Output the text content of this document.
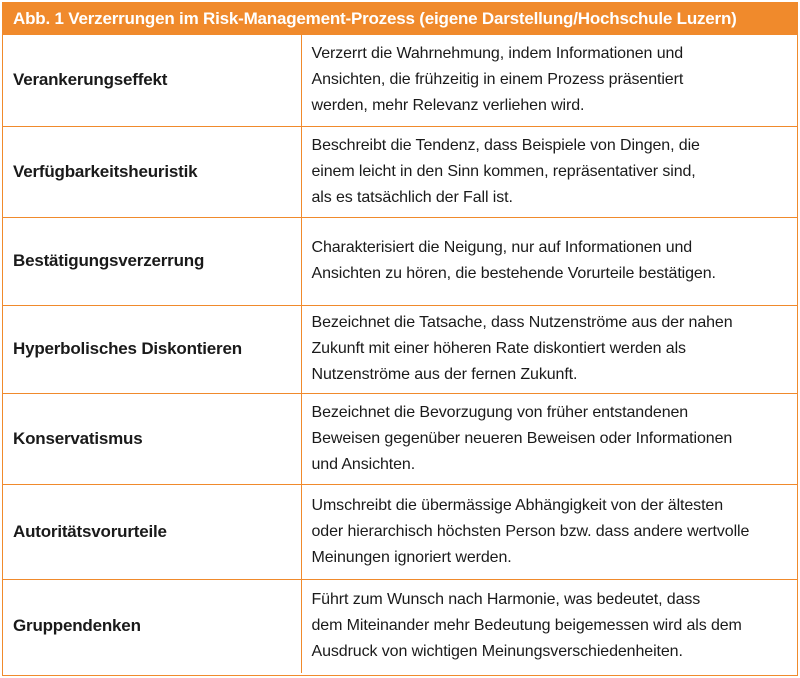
Abb. 1 Verzerrungen im Risk-Management-Prozess (eigene Darstellung/Hochschule Luzern)
Verankerungseffekt	Verzerrt die Wahrnehmung, indem Informationen und
Ansichten, die frühzeitig in einem Prozess präsentiert
werden, mehr Relevanz verliehen wird.

Verfügbarkeitsheuristik	Beschreibt die Tendenz, dass Beispiele von Dingen, die
einem leicht in den Sinn kommen, repräsentativer sind,
als es tatsächlich der Fall ist.

Bestätigungsverzerrung	Charakterisiert die Neigung, nur auf Informationen und
Ansichten zu hören, die bestehende Vorurteile bestätigen.

Hyperbolisches Diskontieren	Bezeichnet die Tatsache, dass Nutzenströme aus der nahen
Zukunft mit einer höheren Rate diskontiert werden als
Nutzenströme aus der fernen Zukunft.

Konservatismus	Bezeichnet die Bevorzugung von früher entstandenen
Beweisen gegenüber neueren Beweisen oder Informationen
und Ansichten.

Autoritätsvorurteile	Umschreibt die übermässige Abhängigkeit von der ältesten
oder hierarchisch höchsten Person bzw. dass andere wertvolle
Meinungen ignoriert werden.

Gruppendenken	Führt zum Wunsch nach Harmonie, was bedeutet, dass
dem Miteinander mehr Bedeutung beigemessen wird als dem
Ausdruck von wichtigen Meinungsverschiedenheiten.
